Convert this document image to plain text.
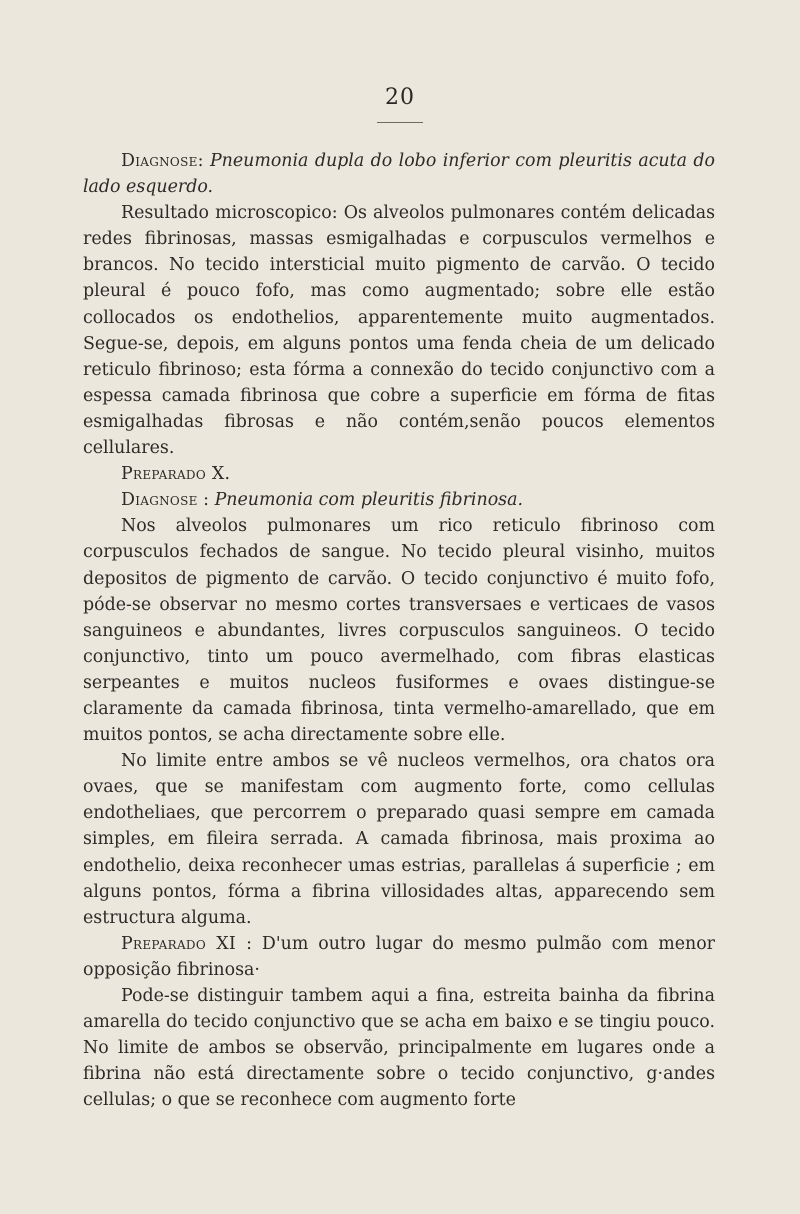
20

Diagnose: Pneumonia dupla do lobo inferior com pleuritis acuta do lado esquerdo.

Resultado microscopico: Os alveolos pulmonares contém delicadas redes fibrinosas, massas esmigalhadas e corpusculos vermelhos e brancos. No tecido intersticial muito pigmento de carvão. O tecido pleural é pouco fofo, mas como augmentado; sobre elle estão collocados os endothelios, apparentemente muito augmentados. Segue-se, depois, em alguns pontos uma fenda cheia de um delicado reticulo fibrinoso; esta fórma a connexão do tecido conjunctivo com a espessa camada fibrinosa que cobre a superficie em fórma de fitas esmigalhadas fibrosas e não contém,senão poucos elementos cellulares.

Preparado X.

Diagnose : Pneumonia com pleuritis fibrinosa.

Nos alveolos pulmonares um rico reticulo fibrinoso com corpusculos fechados de sangue. No tecido pleural visinho, muitos depositos de pigmento de carvão. O tecido conjunctivo é muito fofo, póde-se observar no mesmo cortes transversaes e verticaes de vasos sanguineos e abundantes, livres corpusculos sanguineos. O tecido conjunctivo, tinto um pouco avermelhado, com fibras elasticas serpeantes e muitos nucleos fusiformes e ovaes distingue-se claramente da camada fibrinosa, tinta vermelho-amarellado, que em muitos pontos, se acha directamente sobre elle.

No limite entre ambos se vê nucleos vermelhos, ora chatos ora ovaes, que se manifestam com augmento forte, como cellulas endotheliaes, que percorrem o preparado quasi sempre em camada simples, em fileira serrada. A camada fibrinosa, mais proxima ao endothelio, deixa reconhecer umas estrias, parallelas á superficie ; em alguns pontos, fórma a fibrina villosidades altas, apparecendo sem estructura alguma.

Preparado XI : D'um outro lugar do mesmo pulmão com menor opposição fibrinosa·

Pode-se distinguir tambem aqui a fina, estreita bainha da fibrina amarella do tecido conjunctivo que se acha em baixo e se tingiu pouco. No limite de ambos se observão, principalmente em lugares onde a fibrina não está directamente sobre o tecido conjunctivo, g·andes cellulas; o que se reconhece com augmento forte
